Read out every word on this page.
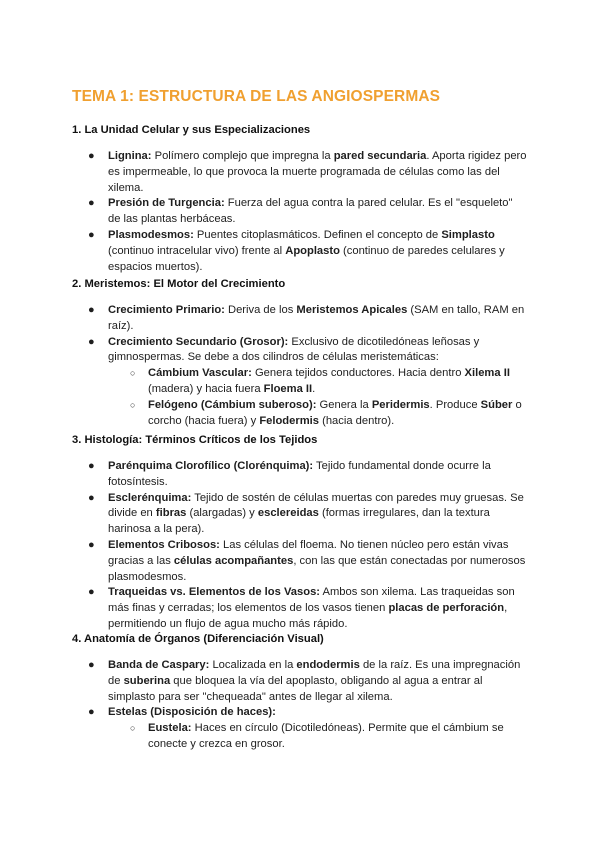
TEMA 1: ESTRUCTURA DE LAS ANGIOSPERMAS
1. La Unidad Celular y sus Especializaciones
●	Lignina: Polímero complejo que impregna la pared secundaria. Aporta rigidez pero es impermeable, lo que provoca la muerte programada de células como las del xilema.
●	Presión de Turgencia: Fuerza del agua contra la pared celular. Es el "esqueleto" de las plantas herbáceas.
●	Plasmodesmos: Puentes citoplasmáticos. Definen el concepto de Simplasto (continuo intracelular vivo) frente al Apoplasto (continuo de paredes celulares y espacios muertos).
2. Meristemos: El Motor del Crecimiento
●	Crecimiento Primario: Deriva de los Meristemos Apicales (SAM en tallo, RAM en raíz).
●	Crecimiento Secundario (Grosor): Exclusivo de dicotiledóneas leñosas y gimnospermas. Se debe a dos cilindros de células meristemáticas:
○ Cámbium Vascular: Genera tejidos conductores. Hacia dentro Xilema II (madera) y hacia fuera Floema II.
○ Felógeno (Cámbium suberoso): Genera la Peridermis. Produce Súber o corcho (hacia fuera) y Felodermis (hacia dentro).
3. Histología: Términos Críticos de los Tejidos
●	Parénquima Clorofílico (Clorénquima): Tejido fundamental donde ocurre la fotosíntesis.
●	Esclerénquima: Tejido de sostén de células muertas con paredes muy gruesas. Se divide en fibras (alargadas) y esclereidas (formas irregulares, dan la textura harinosa a la pera).
●	Elementos Cribosos: Las células del floema. No tienen núcleo pero están vivas gracias a las células acompañantes, con las que están conectadas por numerosos plasmodesmos.
●	Traqueidas vs. Elementos de los Vasos: Ambos son xilema. Las traqueidas son más finas y cerradas; los elementos de los vasos tienen placas de perforación, permitiendo un flujo de agua mucho más rápido.
4. Anatomía de Órganos (Diferenciación Visual)
●	Banda de Caspary: Localizada en la endodermis de la raíz. Es una impregnación de suberina que bloquea la vía del apoplasto, obligando al agua a entrar al simplasto para ser "chequeada" antes de llegar al xilema.
●	Estelas (Disposición de haces):
○ Eustela: Haces en círculo (Dicotiledóneas). Permite que el cámbium se conecte y crezca en grosor.
